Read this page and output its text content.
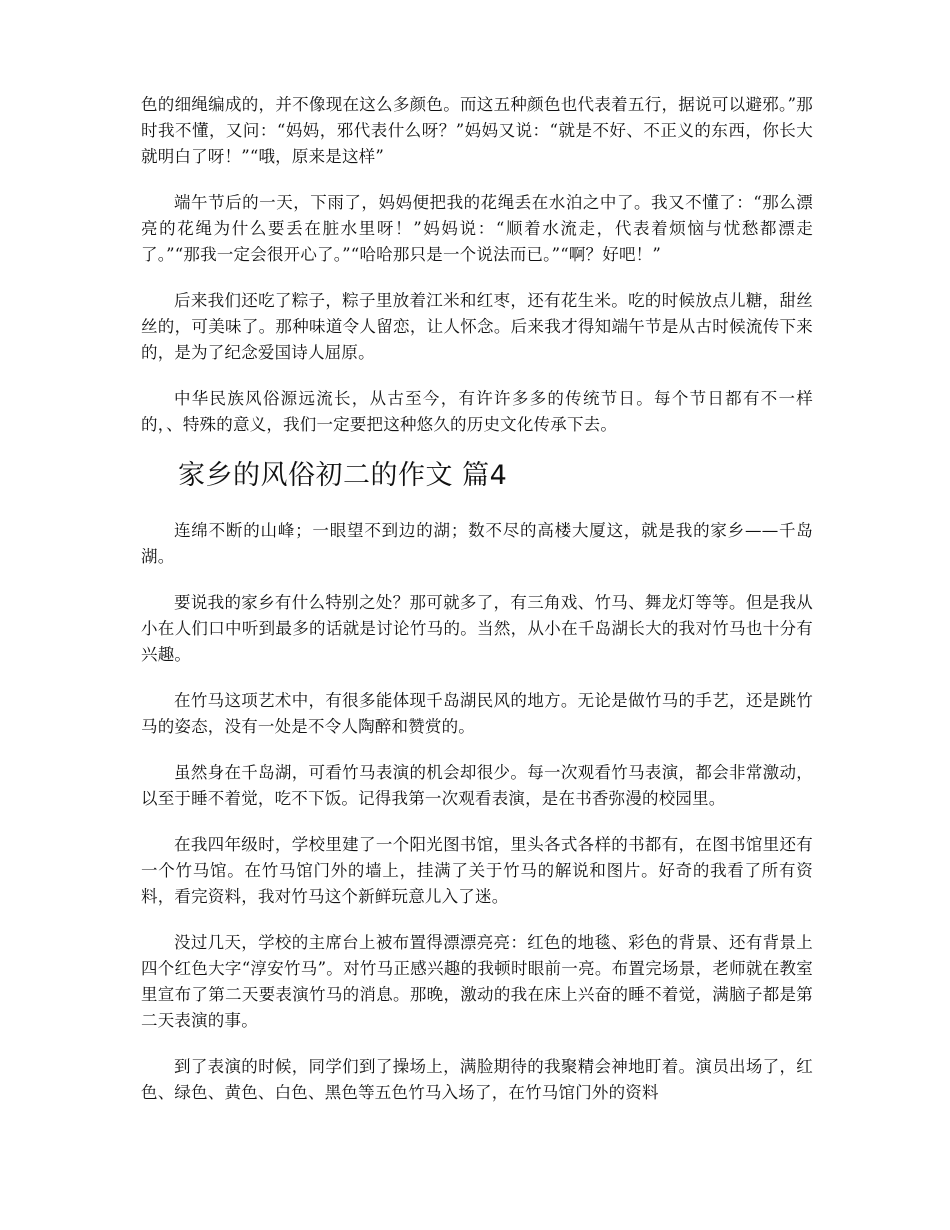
色的细绳编成的，并不像现在这么多颜色。而这五种颜色也代表着五行，据说可以避邪。”那时我不懂，又问：“妈妈，邪代表什么呀？”妈妈又说：“就是不好、不正义的东西，你长大就明白了呀！”“哦，原来是这样”

端午节后的一天，下雨了，妈妈便把我的花绳丢在水泊之中了。我又不懂了：“那么漂亮的花绳为什么要丢在脏水里呀！”妈妈说：“顺着水流走，代表着烦恼与忧愁都漂走了。”“那我一定会很开心了。”“哈哈那只是一个说法而已。”“啊？好吧！”

后来我们还吃了粽子，粽子里放着江米和红枣，还有花生米。吃的时候放点儿糖，甜丝丝的，可美味了。那种味道令人留恋，让人怀念。后来我才得知端午节是从古时候流传下来的，是为了纪念爱国诗人屈原。

中华民族风俗源远流长，从古至今，有许许多多的传统节日。每个节日都有不一样的，、特殊的意义，我们一定要把这种悠久的历史文化传承下去。

家乡的风俗初二的作文 篇4

连绵不断的山峰；一眼望不到边的湖；数不尽的高楼大厦这，就是我的家乡——千岛湖。

要说我的家乡有什么特别之处？那可就多了，有三角戏、竹马、舞龙灯等等。但是我从小在人们口中听到最多的话就是讨论竹马的。当然，从小在千岛湖长大的我对竹马也十分有兴趣。

在竹马这项艺术中，有很多能体现千岛湖民风的地方。无论是做竹马的手艺，还是跳竹马的姿态，没有一处是不令人陶醉和赞赏的。

虽然身在千岛湖，可看竹马表演的机会却很少。每一次观看竹马表演，都会非常激动，以至于睡不着觉，吃不下饭。记得我第一次观看表演，是在书香弥漫的校园里。

在我四年级时，学校里建了一个阳光图书馆，里头各式各样的书都有，在图书馆里还有一个竹马馆。在竹马馆门外的墙上，挂满了关于竹马的解说和图片。好奇的我看了所有资料，看完资料，我对竹马这个新鲜玩意儿入了迷。

没过几天，学校的主席台上被布置得漂漂亮亮：红色的地毯、彩色的背景、还有背景上四个红色大字“淳安竹马”。对竹马正感兴趣的我顿时眼前一亮。布置完场景，老师就在教室里宣布了第二天要表演竹马的消息。那晚，激动的我在床上兴奋的睡不着觉，满脑子都是第二天表演的事。

到了表演的时候，同学们到了操场上，满脸期待的我聚精会神地盯着。演员出场了，红色、绿色、黄色、白色、黑色等五色竹马入场了，在竹马馆门外的资料
